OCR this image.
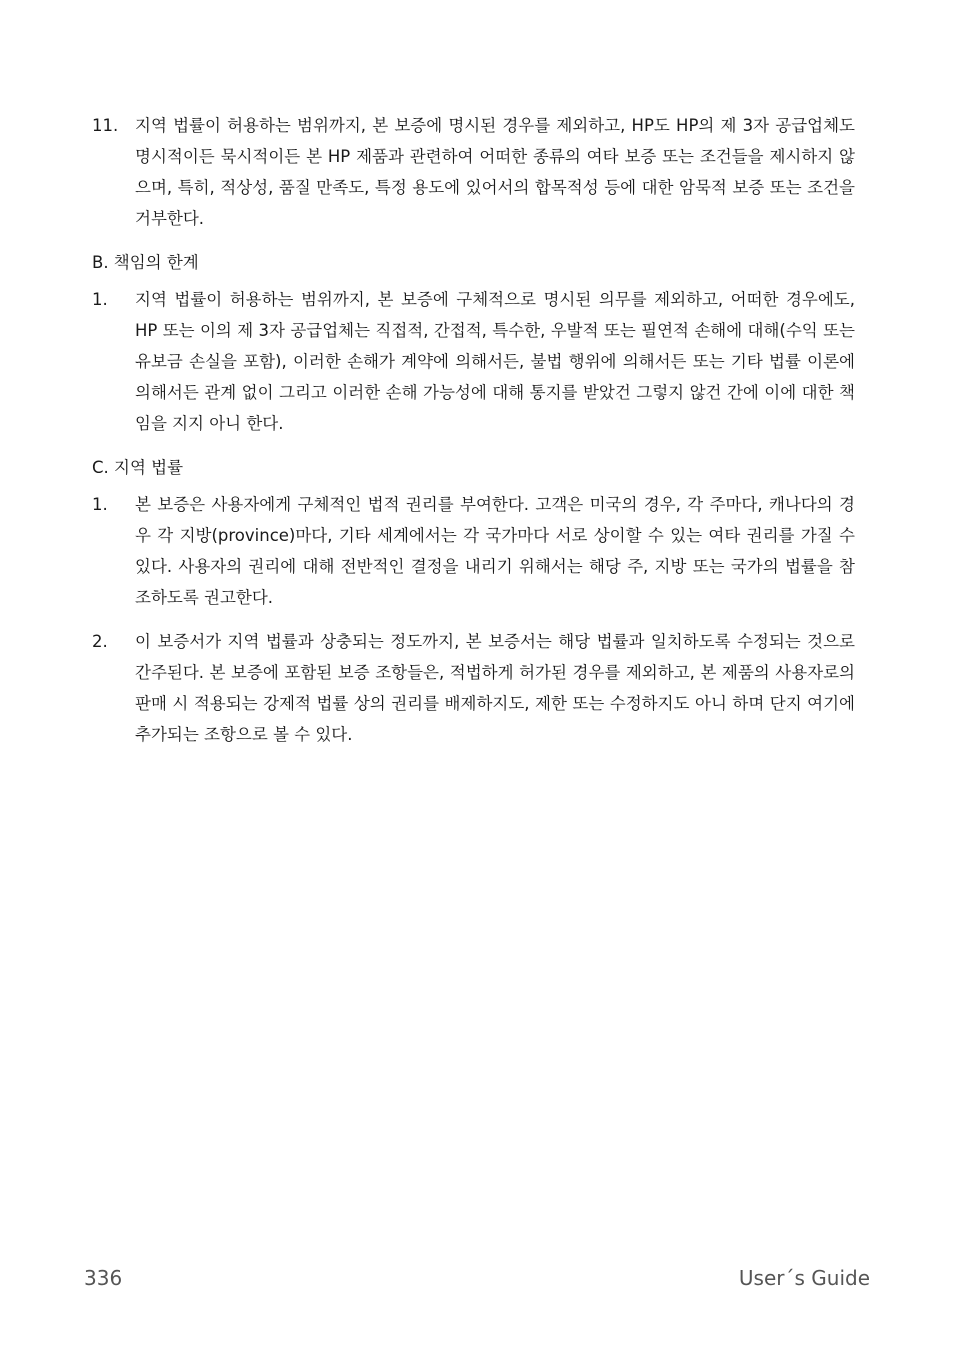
11.	지역 법률이 허용하는 범위까지, 본 보증에 명시된 경우를 제외하고, HP도 HP의 제 3자 공급업체도 명시적이든 묵시적이든 본 HP 제품과 관련하여 어떠한 종류의 여타 보증 또는 조건들을 제시하지 않으며, 특히, 적상성, 품질 만족도, 특정 용도에 있어서의 합목적성 등에 대한 암묵적 보증 또는 조건을 거부한다.
B. 책임의 한계
1.	지역 법률이 허용하는 범위까지, 본 보증에 구체적으로 명시된 의무를 제외하고, 어떠한 경우에도, HP 또는 이의 제 3자 공급업체는 직접적, 간접적, 특수한, 우발적 또는 필연적 손해에 대해(수익 또는 유보금 손실을 포함), 이러한 손해가 계약에 의해서든, 불법 행위에 의해서든 또는 기타 법률 이론에 의해서든 관계 없이 그리고 이러한 손해 가능성에 대해 통지를 받았건 그렇지 않건 간에 이에 대한 책임을 지지 아니 한다.
C. 지역 법률
1.	본 보증은 사용자에게 구체적인 법적 권리를 부여한다. 고객은 미국의 경우, 각 주마다, 캐나다의 경우 각 지방(province)마다, 기타 세계에서는 각 국가마다 서로 상이할 수 있는 여타 권리를 가질 수 있다. 사용자의 권리에 대해 전반적인 결정을 내리기 위해서는 해당 주, 지방 또는 국가의 법률을 참조하도록 권고한다.
2.	이 보증서가 지역 법률과 상충되는 정도까지, 본 보증서는 해당 법률과 일치하도록 수정되는 것으로 간주된다. 본 보증에 포함된 보증 조항들은, 적법하게 허가된 경우를 제외하고, 본 제품의 사용자로의 판매 시 적용되는 강제적 법률 상의 권리를 배제하지도, 제한 또는 수정하지도 아니 하며 단지 여기에 추가되는 조항으로 볼 수 있다.
336	User´s Guide
